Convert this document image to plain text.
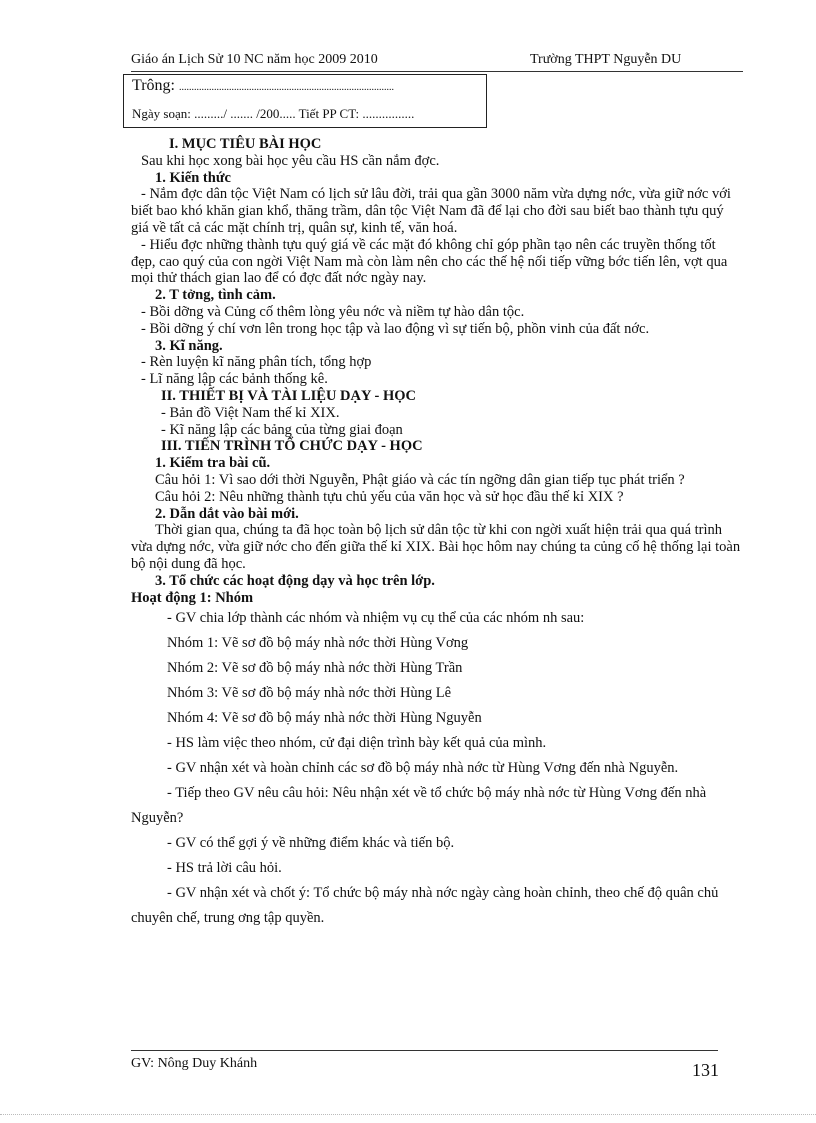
Giáo án Lịch Sử 10 NC năm học 2009 2010	Trường THPT Nguyễn DU
Trông: ......................................................................................
Ngày soạn: ........./ ....... /200..... Tiết PP CT: ................

I. MỤC TIÊU BÀI HỌC

Sau khi học xong bài học yêu cầu HS cần nắm đợc.

1. Kiến thức

- Nắm đợc dân tộc Việt Nam có lịch sử lâu đời, trải qua gần 3000 năm vừa dựng nớc, vừa giữ nớc với biết bao khó khăn gian khổ, thăng trầm, dân tộc Việt Nam đã để lại cho đời sau biết bao thành tựu quý giá về tất cả các mặt chính trị, quân sự, kinh tế, văn hoá.

- Hiểu đợc những thành tựu quý giá về các mặt đó không chỉ góp phần tạo nên các truyền thống tốt đẹp, cao quý của con ngời Việt Nam mà còn làm nên cho các thế hệ nối tiếp vững bớc tiến lên, vợt qua mọi thử thách gian lao để có đợc đất nớc ngày nay.

2. T tởng, tình cảm.

- Bồi dỡng và Củng cố thêm lòng yêu nớc và niềm tự hào dân tộc.

- Bồi dỡng ý chí vơn lên trong học tập và lao động vì sự tiến bộ, phồn vinh của đất nớc.

3. Kĩ năng.

- Rèn luyện kĩ năng phân tích, tổng hợp

- Lĩ năng lập các bảnh thống kê.

II. THIẾT BỊ VÀ TÀI LIỆU DẠY - HỌC

- Bản đồ Việt Nam thế kỉ XIX.

- Kĩ năng lập các bảng của từng giai đoạn

III. TIẾN TRÌNH TỔ CHỨC DẠY - HỌC

1. Kiểm tra bài cũ.

Câu hỏi 1: Vì sao dới thời Nguyễn, Phật giáo và các tín ngỡng dân gian tiếp tục phát triển ?

Câu hỏi 2: Nêu những thành tựu chủ yếu của văn học và sử học đầu thế kỉ XIX ?

2. Dẫn dắt vào bài mới.

Thời gian qua, chúng ta đã học toàn bộ lịch sử dân tộc từ khi con ngời xuất hiện trải qua quá trình vừa dựng nớc, vừa giữ nớc cho đến giữa thế kỉ XIX. Bài học hôm nay chúng ta củng cố hệ thống lại toàn bộ nội dung đã học.

3. Tổ chức các hoạt động dạy và học trên lớp.

Hoạt động 1: Nhóm

- GV chia lớp thành các nhóm và nhiệm vụ cụ thể của các nhóm nh sau:

Nhóm 1: Vẽ sơ đồ bộ máy nhà nớc thời Hùng Vơng

Nhóm 2: Vẽ sơ đồ bộ máy nhà nớc thời Hùng Trần

Nhóm 3: Vẽ sơ đồ bộ máy nhà nớc thời Hùng Lê

Nhóm 4: Vẽ sơ đồ bộ máy nhà nớc thời Hùng Nguyễn

- HS làm việc theo nhóm, cử đại diện trình bày kết quả của mình.

- GV nhận xét và hoàn chỉnh các sơ đồ bộ máy nhà nớc từ Hùng Vơng đến nhà Nguyễn.

- Tiếp theo GV nêu câu hỏi: Nêu nhận xét về tổ chức bộ máy nhà nớc từ Hùng Vơng đến nhà Nguyễn?

- GV có thể gợi ý về những điểm khác và tiến bộ.

- HS trả lời câu hỏi.

- GV nhận xét và chốt ý: Tổ chức bộ máy nhà nớc ngày càng hoàn chỉnh, theo chế độ quân chủ chuyên chế, trung ơng tập quyền.

GV: Nông Duy Khánh	131
